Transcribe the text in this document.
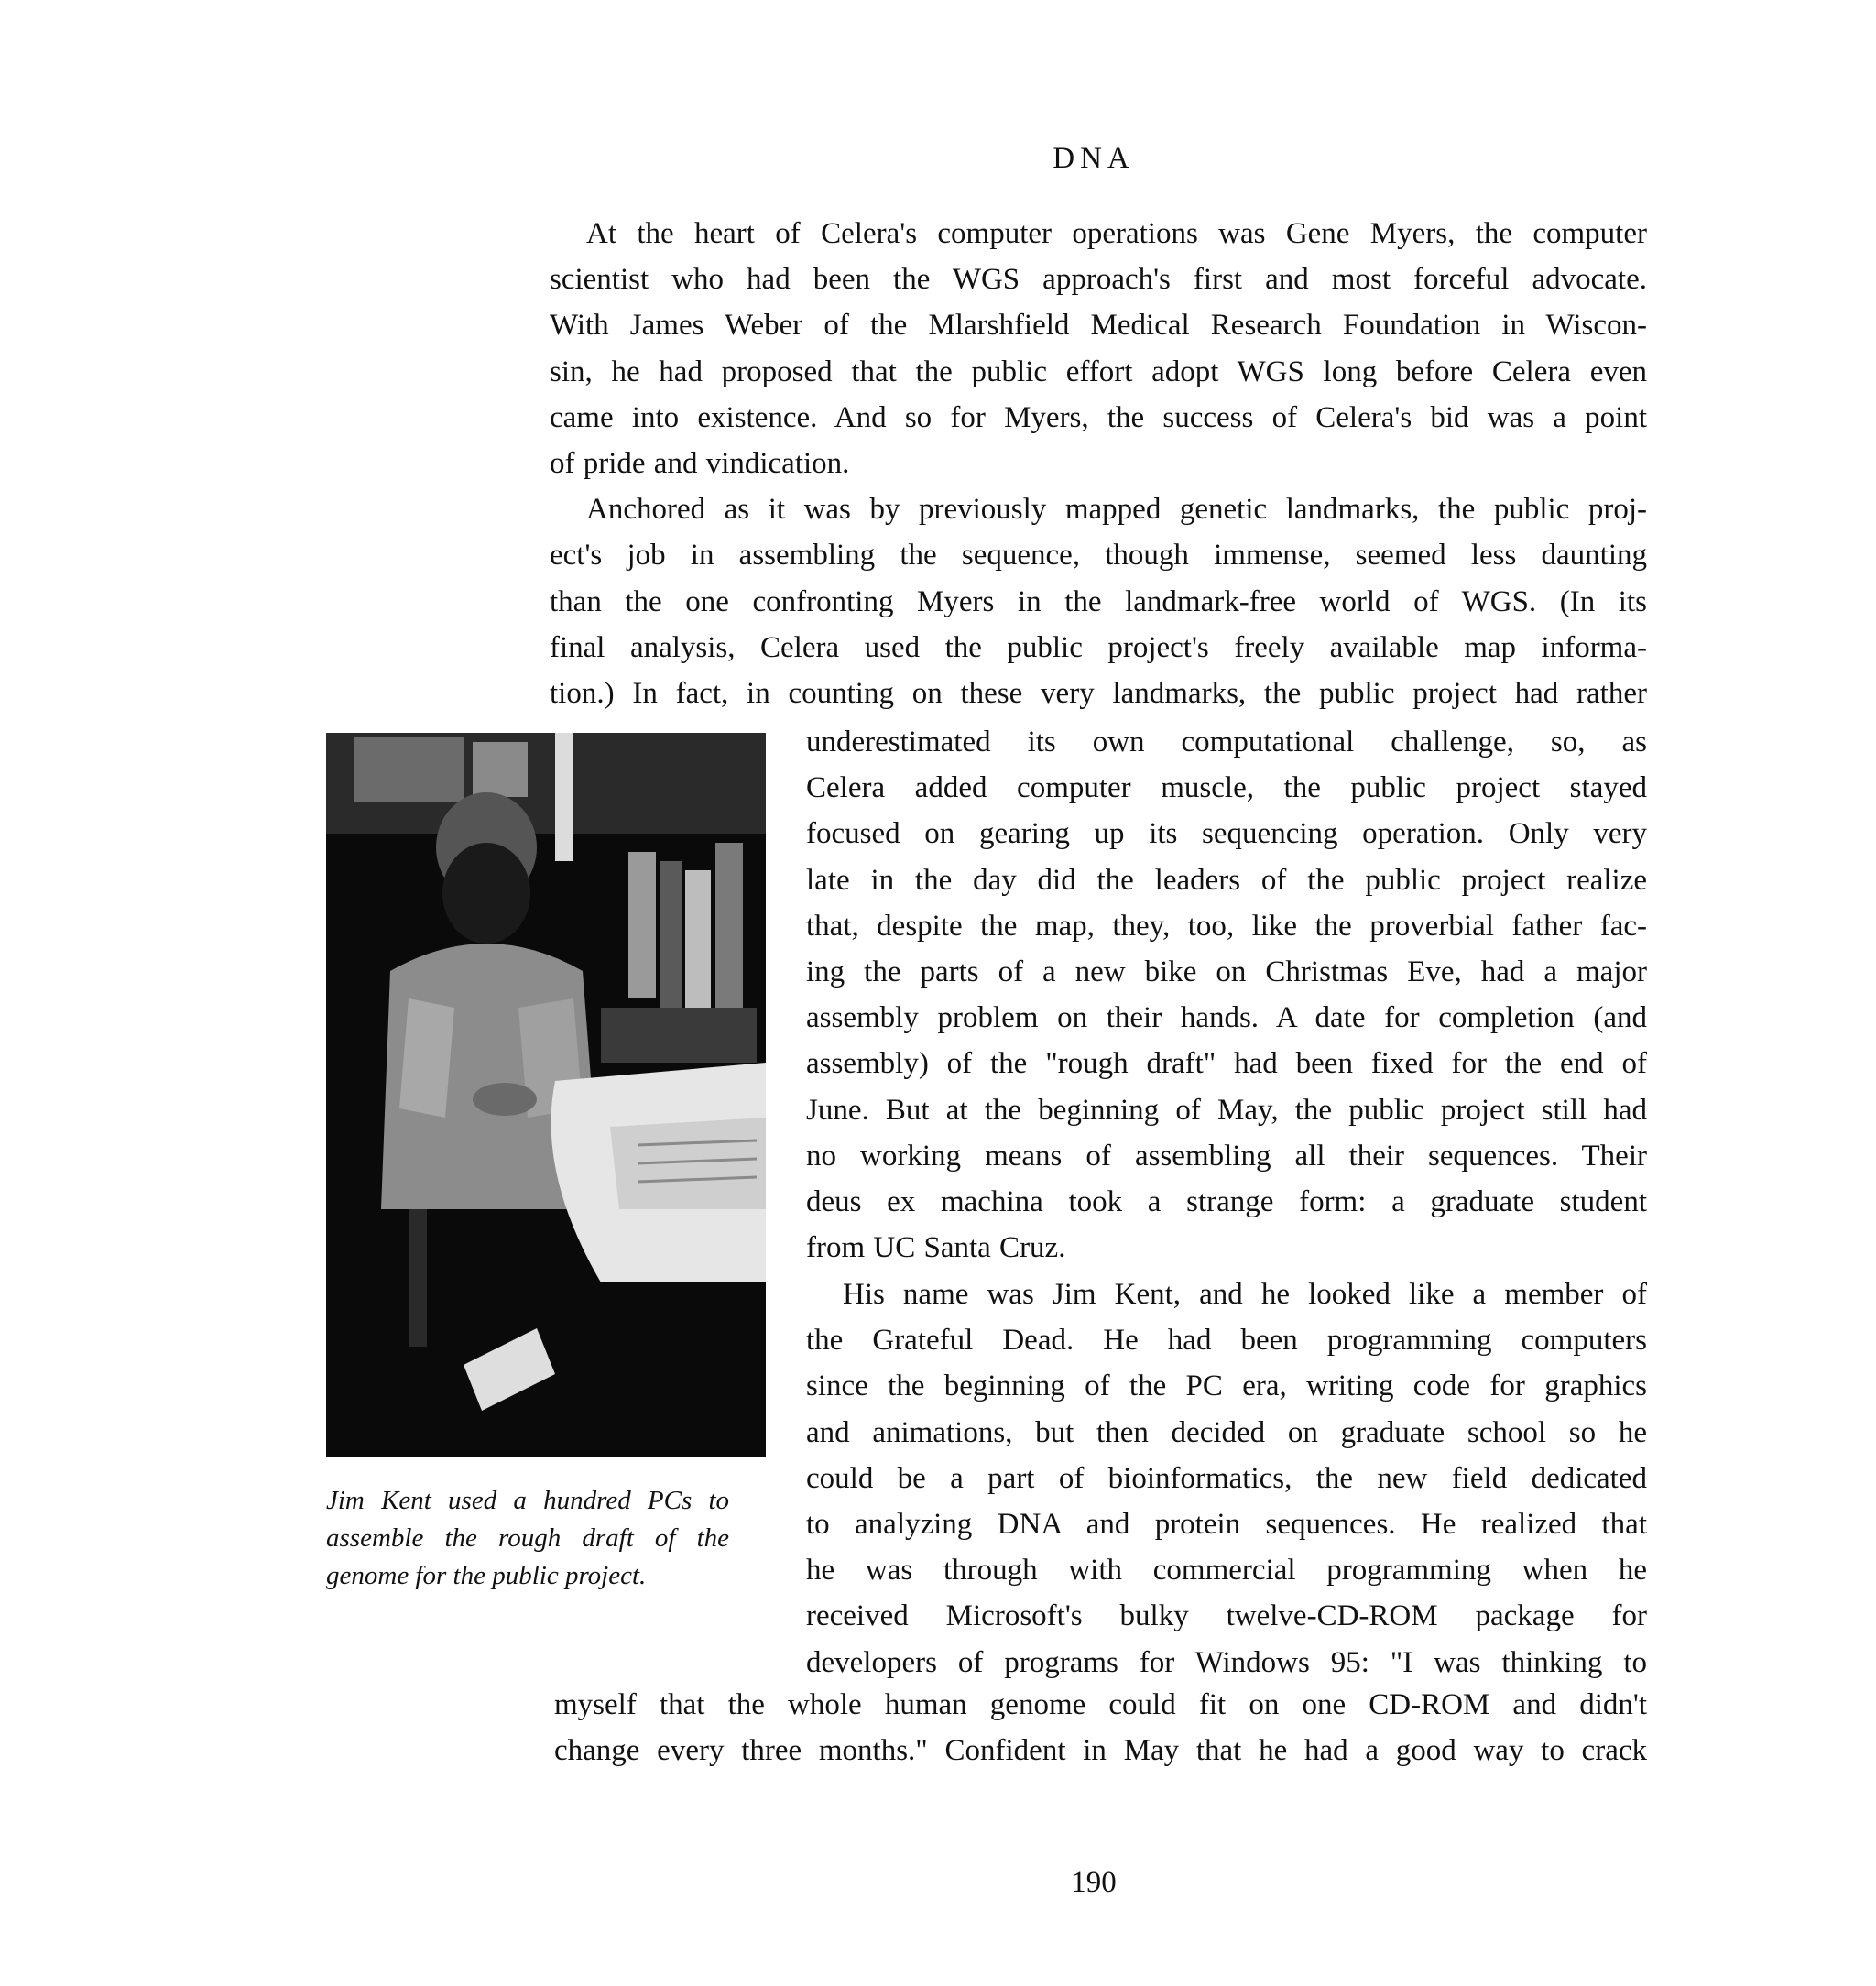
DNA
At the heart of Celera's computer operations was Gene Myers, the computer
scientist who had been the WGS approach's first and most forceful advocate.
With James Weber of the Mlarshfield Medical Research Foundation in Wiscon-
sin, he had proposed that the public effort adopt WGS long before Celera even
came into existence. And so for Myers, the success of Celera's bid was a point
of pride and vindication.
Anchored as it was by previously mapped genetic landmarks, the public proj-
ect's job in assembling the sequence, though immense, seemed less daunting
than the one confronting Myers in the landmark-free world of WGS. (In its
final analysis, Celera used the public project's freely available map informa-
tion.) In fact, in counting on these very landmarks, the public project had rather
Jim Kent used a hundred PCs to
assemble the rough draft of the
genome for the public project.
underestimated its own computational challenge, so, as
Celera added computer muscle, the public project stayed
focused on gearing up its sequencing operation. Only very
late in the day did the leaders of the public project realize
that, despite the map, they, too, like the proverbial father fac-
ing the parts of a new bike on Christmas Eve, had a major
assembly problem on their hands. A date for completion (and
assembly) of the "rough draft" had been fixed for the end of
June. But at the beginning of May, the public project still had
no working means of assembling all their sequences. Their
deus ex machina took a strange form: a graduate student
from UC Santa Cruz.
His name was Jim Kent, and he looked like a member of
the Grateful Dead. He had been programming computers
since the beginning of the PC era, writing code for graphics
and animations, but then decided on graduate school so he
could be a part of bioinformatics, the new field dedicated
to analyzing DNA and protein sequences. He realized that
he was through with commercial programming when he
received Microsoft's bulky twelve-CD-ROM package for
developers of programs for Windows 95: "I was thinking to
myself that the whole human genome could fit on one CD-ROM and didn't
change every three months." Confident in May that he had a good way to crack
190
